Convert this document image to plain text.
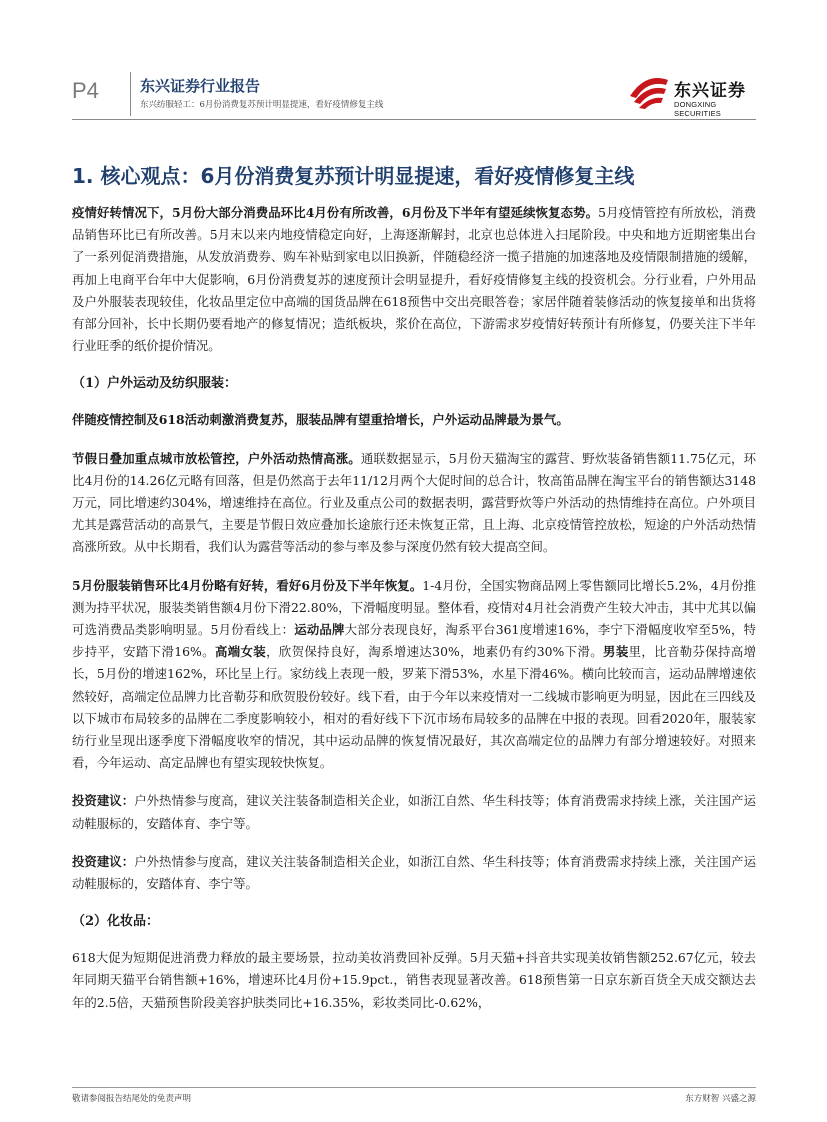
P4	东兴证券行业报告
东兴纺服轻工：6月份消费复苏预计明显提速，看好疫情修复主线
东兴证券
DONGXING SECURITIES
1. 核心观点：6月份消费复苏预计明显提速，看好疫情修复主线

疫情好转情况下，5月份大部分消费品环比4月份有所改善，6月份及下半年有望延续恢复态势。5月疫情管控有所放松，消费品销售环比已有所改善。5月末以来内地疫情稳定向好，上海逐渐解封，北京也总体进入扫尾阶段。中央和地方近期密集出台了一系列促消费措施，从发放消费券、购车补贴到家电以旧换新，伴随稳经济一揽子措施的加速落地及疫情限制措施的缓解，再加上电商平台年中大促影响，6月份消费复苏的速度预计会明显提升，看好疫情修复主线的投资机会。分行业看，户外用品及户外服装表现较佳，化妆品里定位中高端的国货品牌在618预售中交出亮眼答卷；家居伴随着装修活动的恢复接单和出货将有部分回补，长中长期仍要看地产的修复情况；造纸板块，浆价在高位，下游需求岁疫情好转预计有所修复，仍要关注下半年行业旺季的纸价提价情况。

（1）户外运动及纺织服装：

伴随疫情控制及618活动刺激消费复苏，服装品牌有望重拾增长，户外运动品牌最为景气。

节假日叠加重点城市放松管控，户外活动热情高涨。通联数据显示，5月份天猫淘宝的露营、野炊装备销售额11.75亿元，环比4月份的14.26亿元略有回落，但是仍然高于去年11/12月两个大促时间的总合计，牧高笛品牌在淘宝平台的销售额达3148万元，同比增速约304%，增速维持在高位。行业及重点公司的数据表明，露营野炊等户外活动的热情维持在高位。户外项目尤其是露营活动的高景气，主要是节假日效应叠加长途旅行还未恢复正常，且上海、北京疫情管控放松，短途的户外活动热情高涨所致。从中长期看，我们认为露营等活动的参与率及参与深度仍然有较大提高空间。

5月份服装销售环比4月份略有好转，看好6月份及下半年恢复。1-4月份，全国实物商品网上零售额同比增长5.2%，4月份推测为持平状况，服装类销售额4月份下滑22.80%，下滑幅度明显。整体看，疫情对4月社会消费产生较大冲击，其中尤其以偏可选消费品类影响明显。5月份看线上：运动品牌大部分表现良好，淘系平台361度增速16%，李宁下滑幅度收窄至5%，特步持平，安踏下滑16%。高端女装，欣贺保持良好，淘系增速达30%，地素仍有约30%下滑。男装里，比音勒芬保持高增长，5月份的增速162%，环比呈上行。家纺线上表现一般，罗莱下滑53%，水星下滑46%。横向比较而言，运动品牌增速依然较好，高端定位品牌力比音勒芬和欣贺股份较好。线下看，由于今年以来疫情对一二线城市影响更为明显，因此在三四线及以下城市布局较多的品牌在二季度影响较小，相对的看好线下下沉市场布局较多的品牌在中报的表现。回看2020年，服装家纺行业呈现出逐季度下滑幅度收窄的情况，其中运动品牌的恢复情况最好，其次高端定位的品牌力有部分增速较好。对照来看，今年运动、高定品牌也有望实现较快恢复。

投资建议：户外热情参与度高，建议关注装备制造相关企业，如浙江自然、华生科技等；体育消费需求持续上涨，关注国产运动鞋服标的，安踏体育、李宁等。

投资建议：户外热情参与度高，建议关注装备制造相关企业，如浙江自然、华生科技等；体育消费需求持续上涨，关注国产运动鞋服标的，安踏体育、李宁等。

（2）化妆品：

618大促为短期促进消费力释放的最主要场景，拉动美妆消费回补反弹。5月天猫+抖音共实现美妆销售额252.67亿元，较去年同期天猫平台销售额+16%，增速环比4月份+15.9pct.，销售表现显著改善。618预售第一日京东新百货全天成交额达去年的2.5倍，天猫预售阶段美容护肤类同比+16.35%，彩妆类同比-0.62%，

敬请参阅报告结尾处的免责声明	东方财智 兴盛之源
